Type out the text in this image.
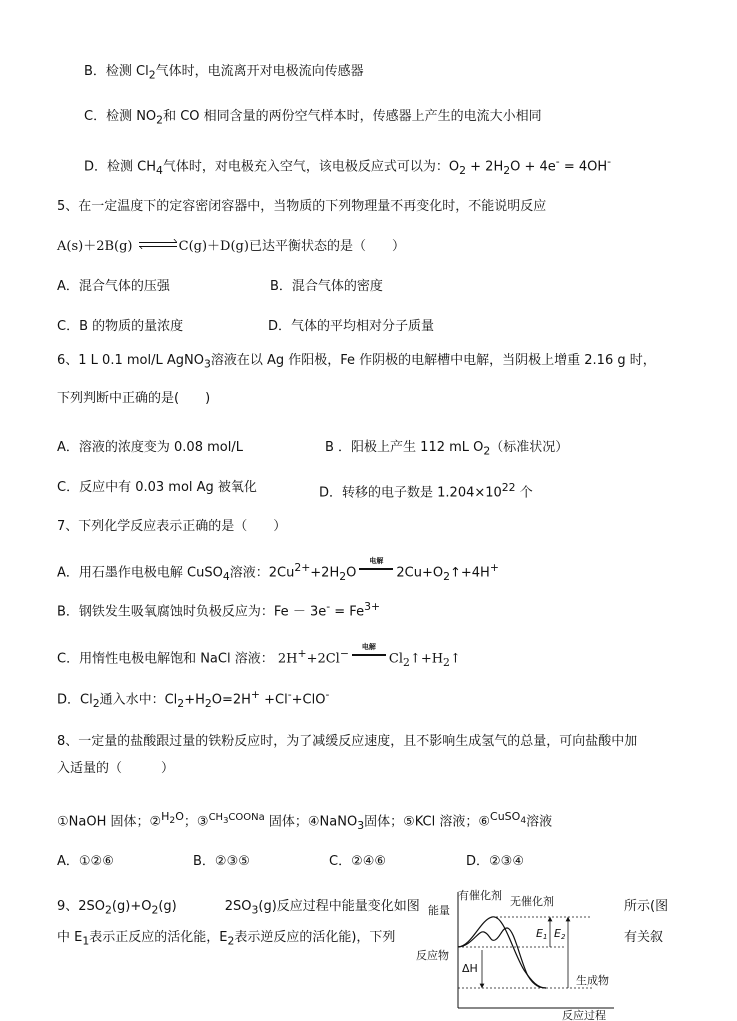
B．检测 $Cl_2$气体时，电流离开对电极流向传感器
C．检测 $NO_2$和 CO 相同含量的两份空气样本时，传感器上产生的电流大小相同
D．检测 $CH_4$气体时，对电极充入空气，该电极反应式可以为：$O_2 + 2H_2O + 4e^- = 4OH^-$
5、在一定温度下的定容密闭容器中，当物质的下列物理量不再变化时，不能说明反应
A(s)＋2B(g)	C(g)＋D(g)已达平衡状态的是（　　）
A．混合气体的压强	B．混合气体的密度
C．B 的物质的量浓度	D．气体的平均相对分子质量
6、1 L 0.1 mol/L AgNO$_3$溶液在以 Ag 作阳极，Fe 作阴极的电解槽中电解，当阴极上增重 2.16 g 时，
下列判断中正确的是(　　)
A．溶液的浓度变为 0.08 mol/L	B ．阳极上产生 112 mL $O_2$（标准状况）
C．反应中有 0.03 mol Ag 被氧化	D．转移的电子数是 $1.204\times 10^{22}$ 个
7、下列化学反应表示正确的是（　　）
A．用石墨作电极电解 CuSO$_4$溶液：$2Cu^{2+}+2H_2O$
电解
$2Cu+O_2↑+4H^+$
B．钢铁发生吸氧腐蚀时负极反应为：$Fe - 3e^- = Fe^{3+}$
C．用惰性电极电解饱和 NaCl 溶液： 2H++2Cl−	电解
$Cl_2↑+H_2↑$
D．$Cl_2$通入水中：$Cl_2+H_2O=2H^+ +Cl^-+ClO^-$
8、一定量的盐酸跟过量的铁粉反应时，为了减缓反应速度，且不影响生成氢气的总量，可向盐酸中加
入适量的（　　　）
①NaOH 固体；②$^{H_2O}$；③$^{CH_3COONa}$ 固体；④NaNO$_3$固体；⑤KCl 溶液；⑥$^{CuSO_4}$溶液
A．①②⑥	B．②③⑤	C．②④⑥	D．②③④
9、$2SO_2(g)+O_2(g)$	$2SO_3(g)$反应过程中能量变化如图	所示(图
中 $E_1$表示正反应的活化能，$E_2$表示逆反应的活化能)，下列	有关叙
有催化剂 无催化剂
能量
反应物
生成物
ΔH
E1 E2
反应过程
